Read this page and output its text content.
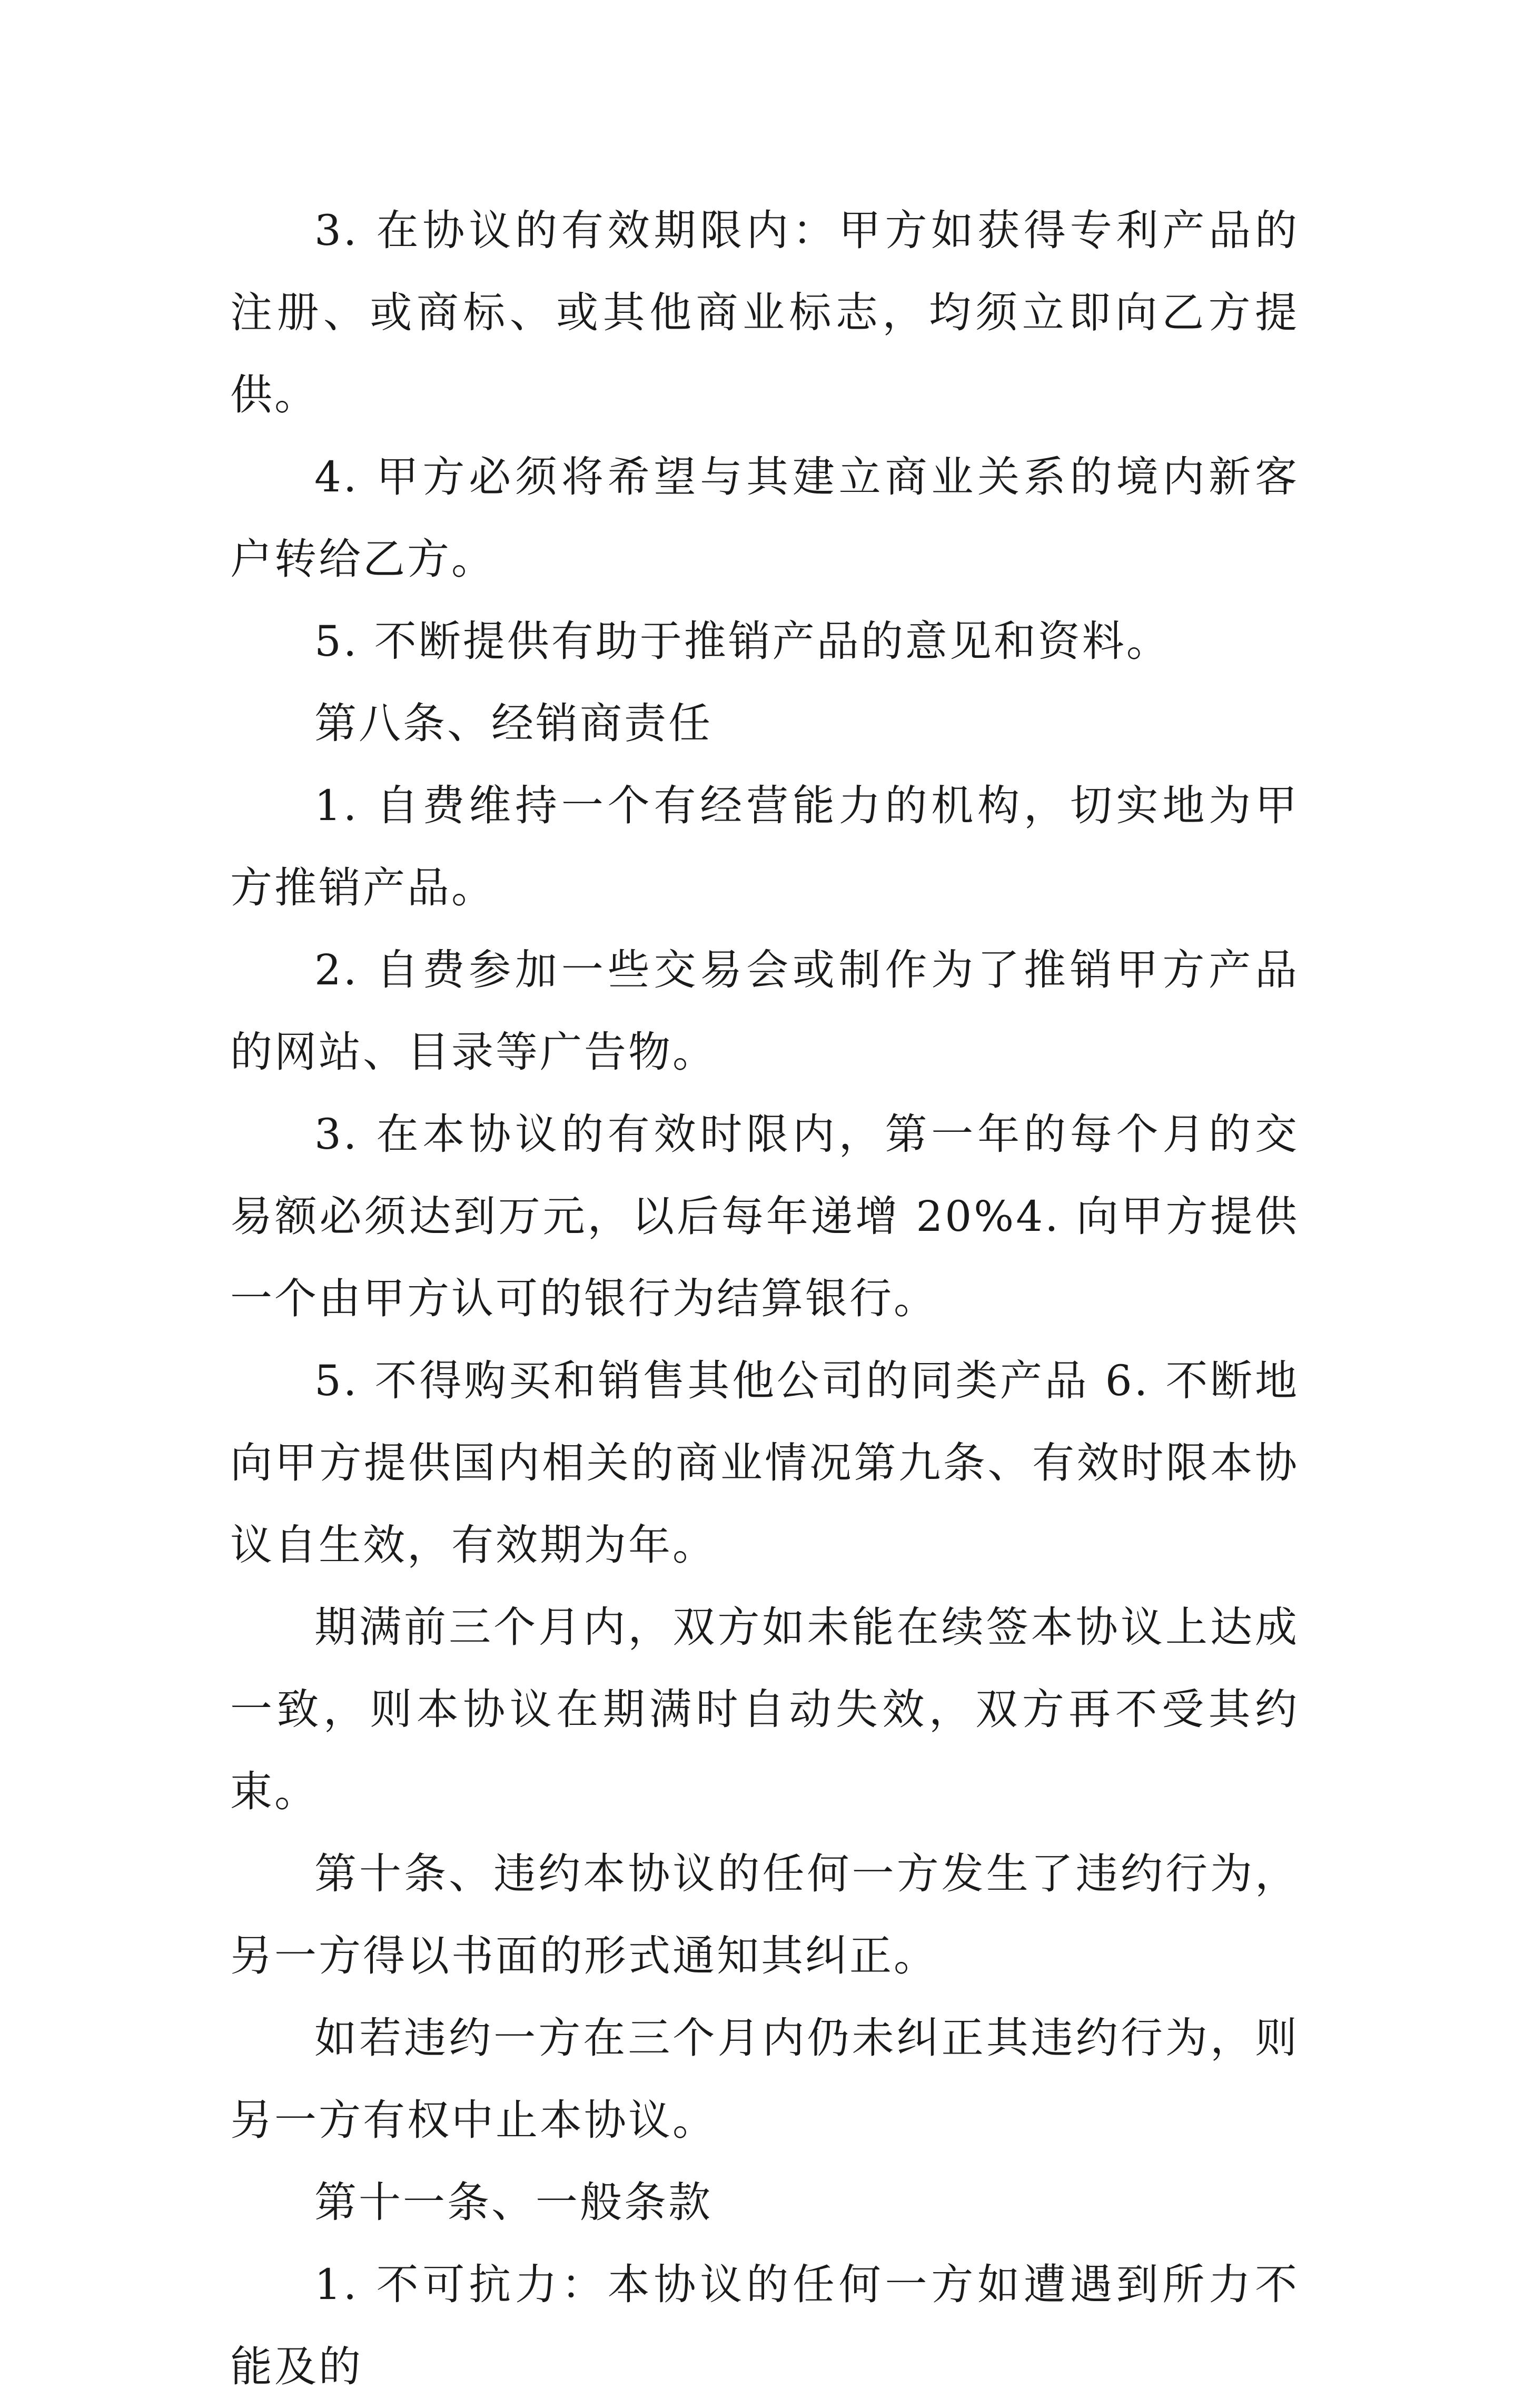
3. 在协议的有效期限内：甲方如获得专利产品的注册、或商标、或其他商业标志，均须立即向乙方提供。

4. 甲方必须将希望与其建立商业关系的境内新客户转给乙方。

5. 不断提供有助于推销产品的意见和资料。

第八条、经销商责任

1. 自费维持一个有经营能力的机构，切实地为甲方推销产品。

2. 自费参加一些交易会或制作为了推销甲方产品的网站、目录等广告物。

3. 在本协议的有效时限内，第一年的每个月的交易额必须达到万元，以后每年递增 20%4. 向甲方提供一个由甲方认可的银行为结算银行。

5. 不得购买和销售其他公司的同类产品 6. 不断地向甲方提供国内相关的商业情况第九条、有效时限本协议自生效，有效期为年。

期满前三个月内，双方如未能在续签本协议上达成一致，则本协议在期满时自动失效，双方再不受其约束。

第十条、违约本协议的任何一方发生了违约行为，另一方得以书面的形式通知其纠正。

如若违约一方在三个月内仍未纠正其违约行为，则另一方有权中止本协议。

第十一条、一般条款

1. 不可抗力：本协议的任何一方如遭遇到所力不能及的
